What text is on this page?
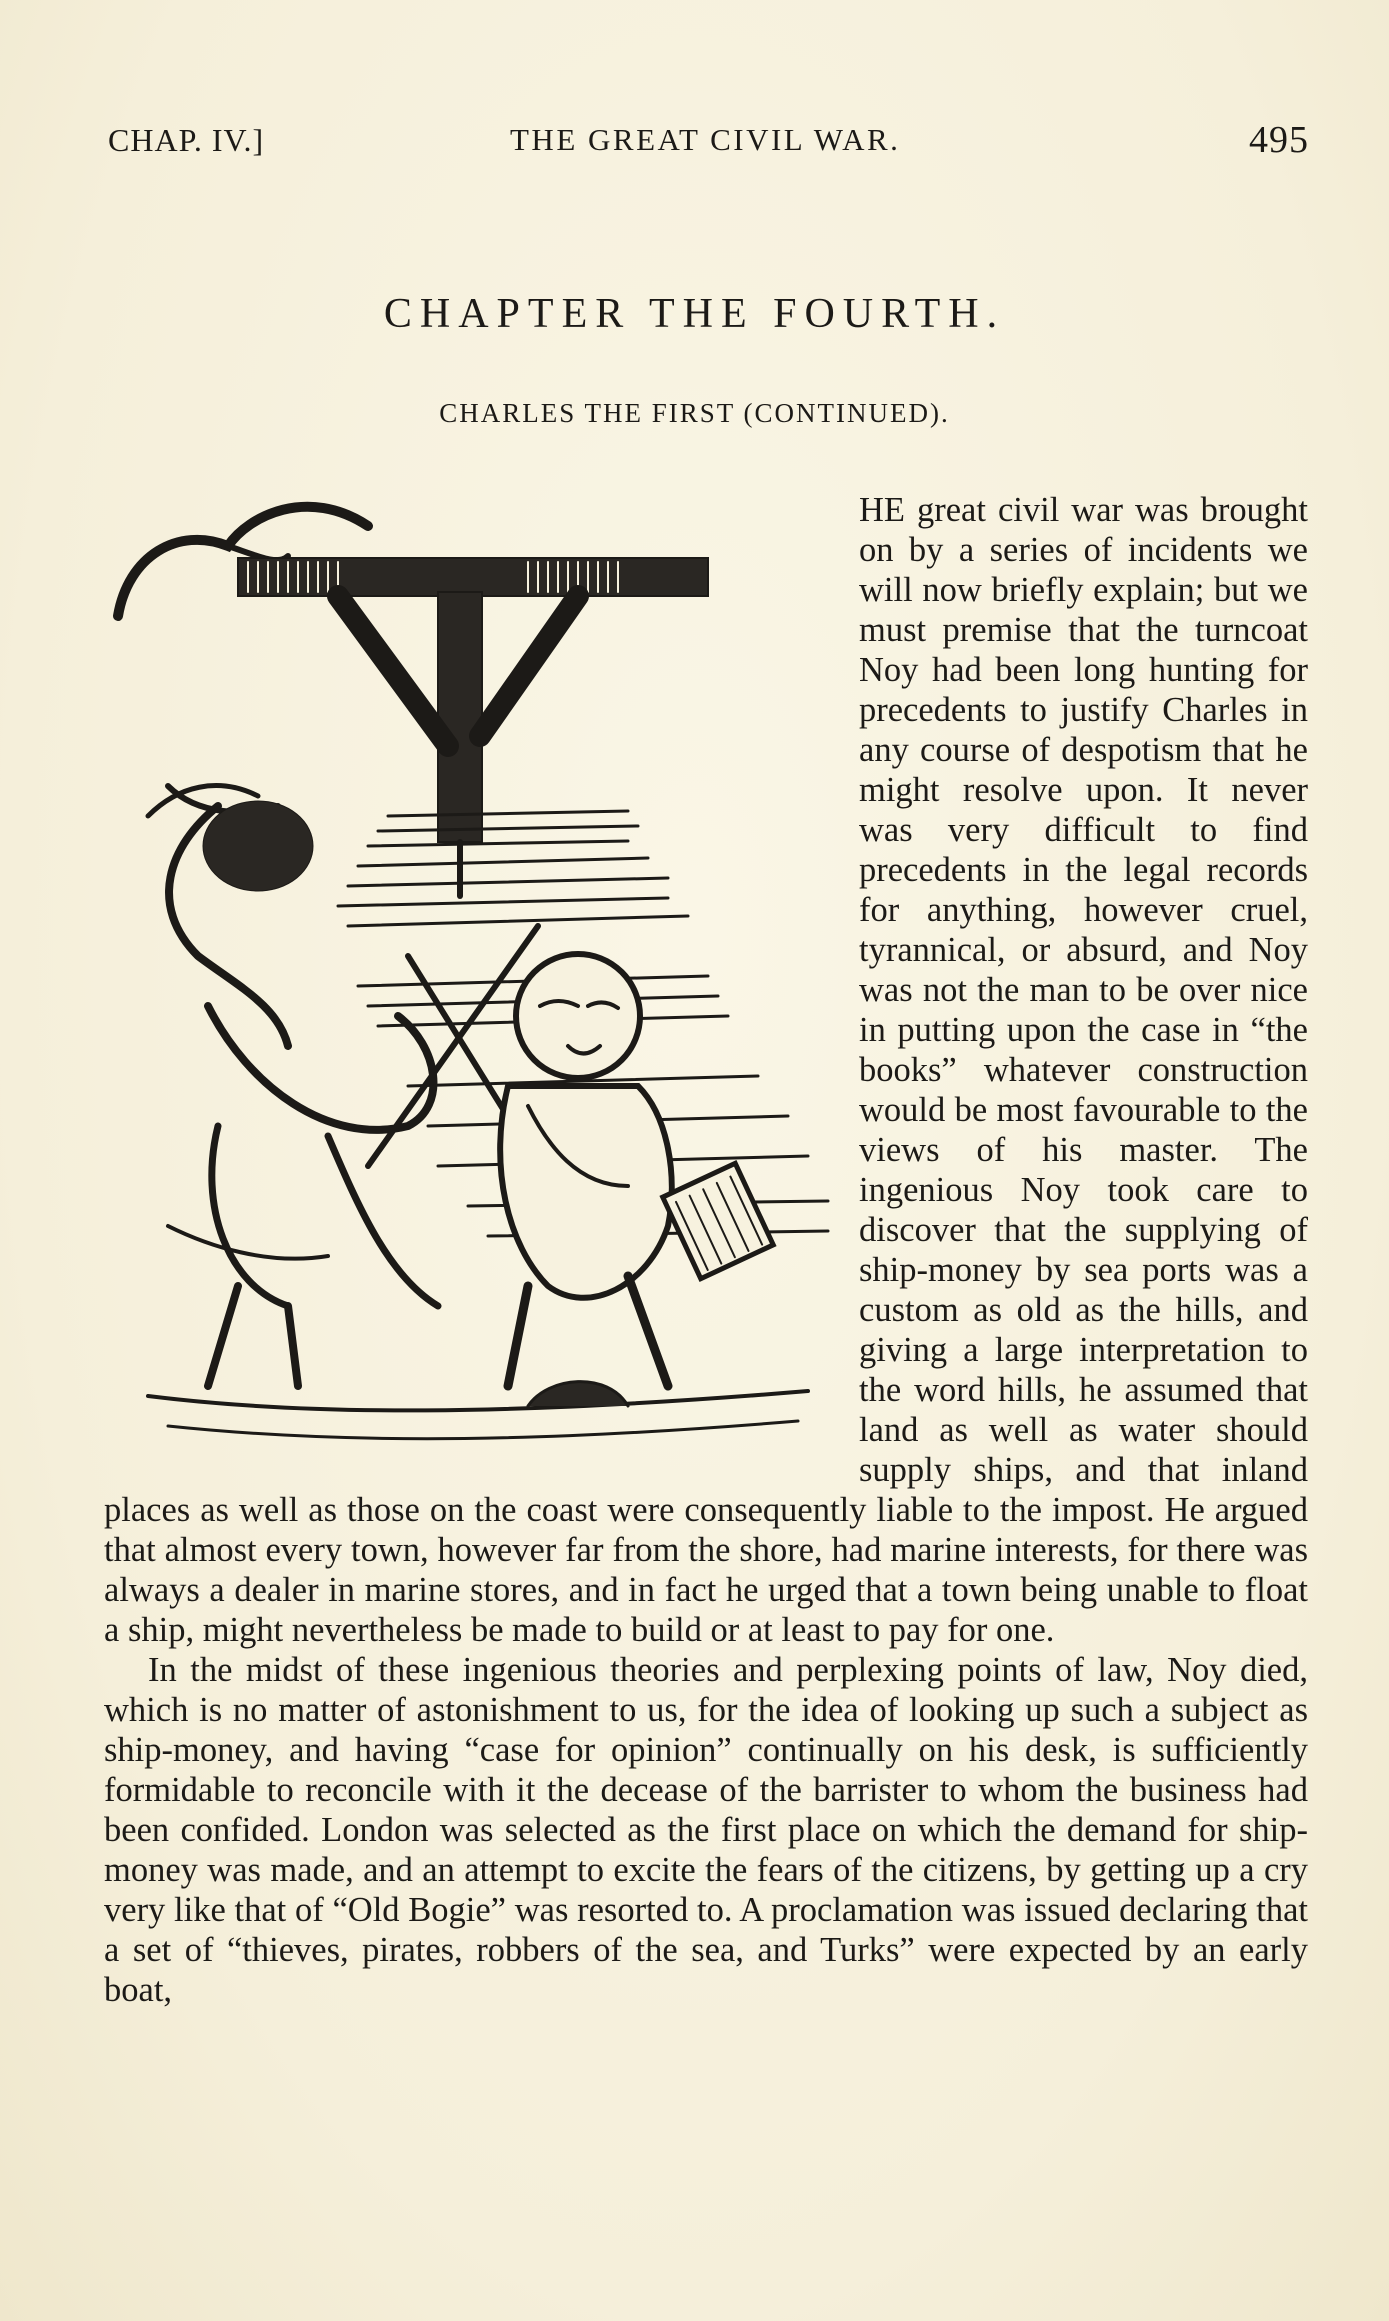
CHAP. IV.]	THE GREAT CIVIL WAR.	495
CHAPTER THE FOURTH.
CHARLES THE FIRST (CONTINUED).

HE great civil war was brought on by a series of incidents we will now briefly explain; but we must premise that the turncoat Noy had been long hunting for precedents to justify Charles in any course of despotism that he might resolve upon. It never was very difficult to find precedents in the legal records for anything, however cruel, tyrannical, or absurd, and Noy was not the man to be over nice in putting upon the case in “the books” whatever construction would be most favourable to the views of his master. The ingenious Noy took care to discover that the supplying of ship-money by sea ports was a custom as old as the hills, and giving a large interpretation to the word hills, he assumed that land as well as water should supply ships, and that inland places as well as those on the coast were consequently liable to the impost. He argued that almost every town, however far from the shore, had marine interests, for there was always a dealer in marine stores, and in fact he urged that a town being unable to float a ship, might nevertheless be made to build or at least to pay for one.

In the midst of these ingenious theories and perplexing points of law, Noy died, which is no matter of astonishment to us, for the idea of looking up such a subject as ship-money, and having “case for opinion” continually on his desk, is sufficiently formidable to reconcile with it the decease of the barrister to whom the business had been confided. London was selected as the first place on which the demand for ship-money was made, and an attempt to excite the fears of the citizens, by getting up a cry very like that of “Old Bogie” was resorted to. A proclamation was issued declaring that a set of “thieves, pirates, robbers of the sea, and Turks” were expected by an early boat,
